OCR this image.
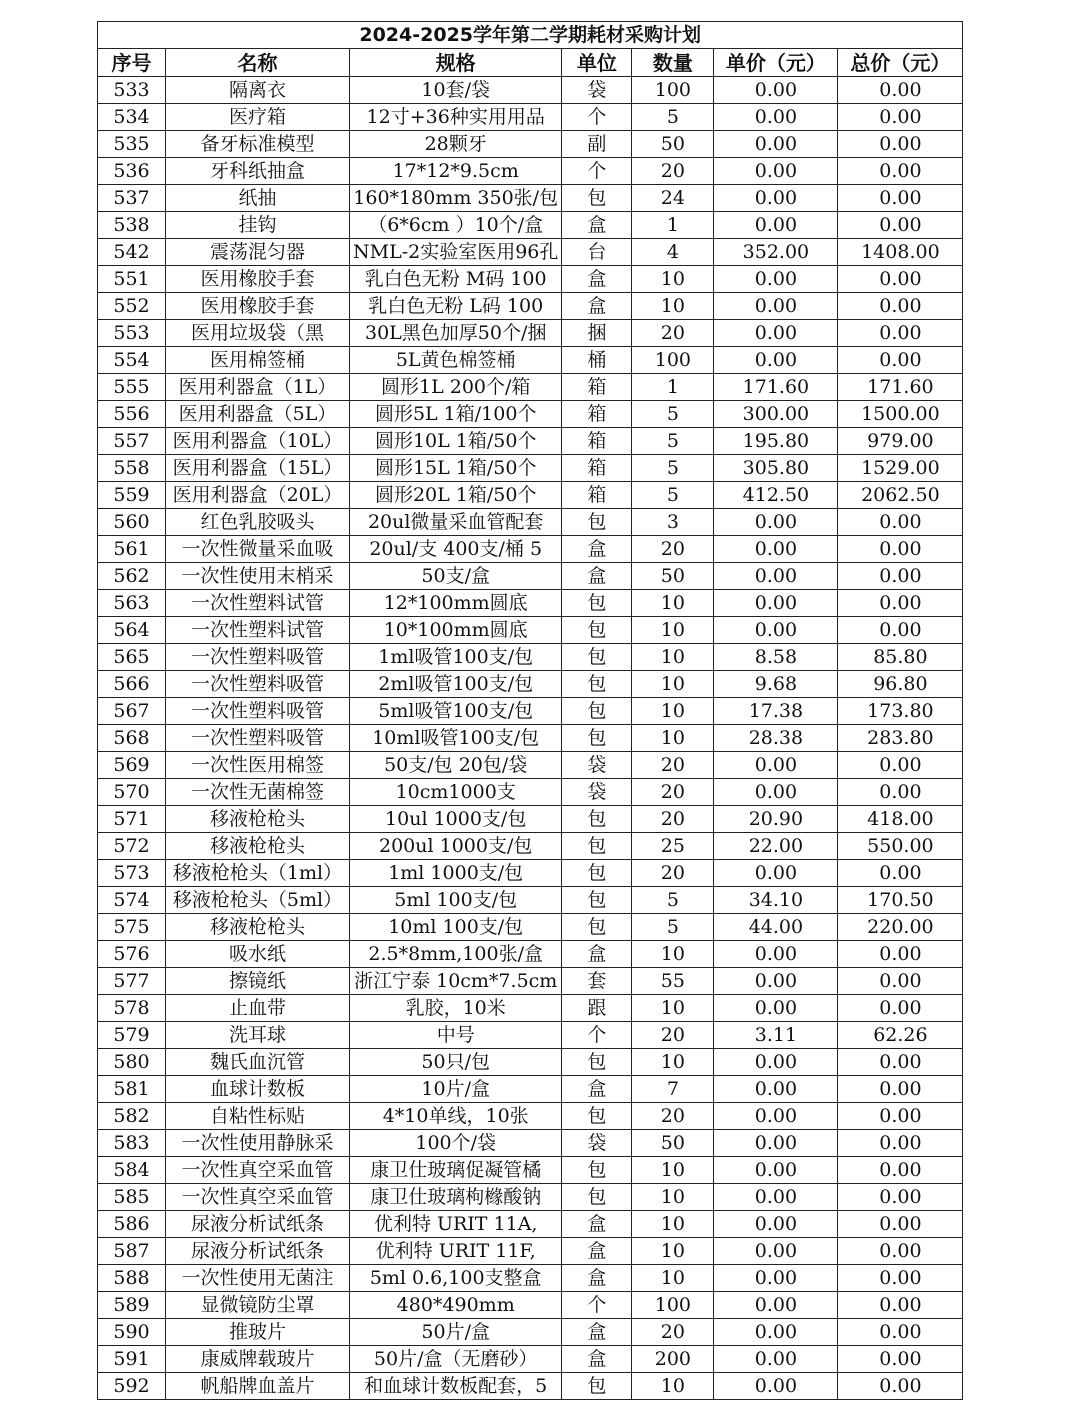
2024-2025学年第二学期耗材采购计划						
序号	名称	规格	单位	数量	单价（元）	总价（元）
533	隔离衣	10套/袋	袋	100	0.00	0.00
534	医疗箱	12寸+36种实用用品	个	5	0.00	0.00
535	备牙标准模型	28颗牙	副	50	0.00	0.00
536	牙科纸抽盒	17*12*9.5cm	个	20	0.00	0.00
537	纸抽	160*180mm 350张/包	包	24	0.00	0.00
538	挂钩	（6*6cm ）10个/盒	盒	1	0.00	0.00
542	震荡混匀器	NML-2实验室医用96孔	台	4	352.00	1408.00
551	医用橡胶手套	乳白色无粉 M码 100	盒	10	0.00	0.00
552	医用橡胶手套	乳白色无粉 L码 100	盒	10	0.00	0.00
553	医用垃圾袋（黑	30L黑色加厚50个/捆	捆	20	0.00	0.00
554	医用棉签桶	5L黄色棉签桶	桶	100	0.00	0.00
555	医用利器盒（1L）	圆形1L 200个/箱	箱	1	171.60	171.60
556	医用利器盒（5L）	圆形5L 1箱/100个	箱	5	300.00	1500.00
557	医用利器盒（10L）	圆形10L 1箱/50个	箱	5	195.80	979.00
558	医用利器盒（15L）	圆形15L 1箱/50个	箱	5	305.80	1529.00
559	医用利器盒（20L）	圆形20L 1箱/50个	箱	5	412.50	2062.50
560	红色乳胶吸头	20ul微量采血管配套	包	3	0.00	0.00
561	一次性微量采血吸	20ul/支 400支/桶 5	盒	20	0.00	0.00
562	一次性使用末梢采	50支/盒	盒	50	0.00	0.00
563	一次性塑料试管	12*100mm圆底	包	10	0.00	0.00
564	一次性塑料试管	10*100mm圆底	包	10	0.00	0.00
565	一次性塑料吸管	1ml吸管100支/包	包	10	8.58	85.80
566	一次性塑料吸管	2ml吸管100支/包	包	10	9.68	96.80
567	一次性塑料吸管	5ml吸管100支/包	包	10	17.38	173.80
568	一次性塑料吸管	10ml吸管100支/包	包	10	28.38	283.80
569	一次性医用棉签	50支/包 20包/袋	袋	20	0.00	0.00
570	一次性无菌棉签	10cm1000支	袋	20	0.00	0.00
571	移液枪枪头	10ul 1000支/包	包	20	20.90	418.00
572	移液枪枪头	200ul 1000支/包	包	25	22.00	550.00
573	移液枪枪头（1ml）	1ml 1000支/包	包	20	0.00	0.00
574	移液枪枪头（5ml）	5ml 100支/包	包	5	34.10	170.50
575	移液枪枪头	10ml 100支/包	包	5	44.00	220.00
576	吸水纸	2.5*8mm,100张/盒	盒	10	0.00	0.00
577	擦镜纸	浙江宁泰 10cm*7.5cm	套	55	0.00	0.00
578	止血带	乳胶，10米	跟	10	0.00	0.00
579	洗耳球	中号	个	20	3.11	62.26
580	魏氏血沉管	50只/包	包	10	0.00	0.00
581	血球计数板	10片/盒	盒	7	0.00	0.00
582	自粘性标贴	4*10单线，10张	包	20	0.00	0.00
583	一次性使用静脉采	100个/袋	袋	50	0.00	0.00
584	一次性真空采血管	康卫仕玻璃促凝管橘	包	10	0.00	0.00
585	一次性真空采血管	康卫仕玻璃枸橼酸钠	包	10	0.00	0.00
586	尿液分析试纸条	优利特 URIT 11A,	盒	10	0.00	0.00
587	尿液分析试纸条	优利特 URIT 11F,	盒	10	0.00	0.00
588	一次性使用无菌注	5ml 0.6,100支整盒	盒	10	0.00	0.00
589	显微镜防尘罩	480*490mm	个	100	0.00	0.00
590	推玻片	50片/盒	盒	20	0.00	0.00
591	康威牌载玻片	50片/盒（无磨砂）	盒	200	0.00	0.00
592	帆船牌血盖片	和血球计数板配套，5	包	10	0.00	0.00
